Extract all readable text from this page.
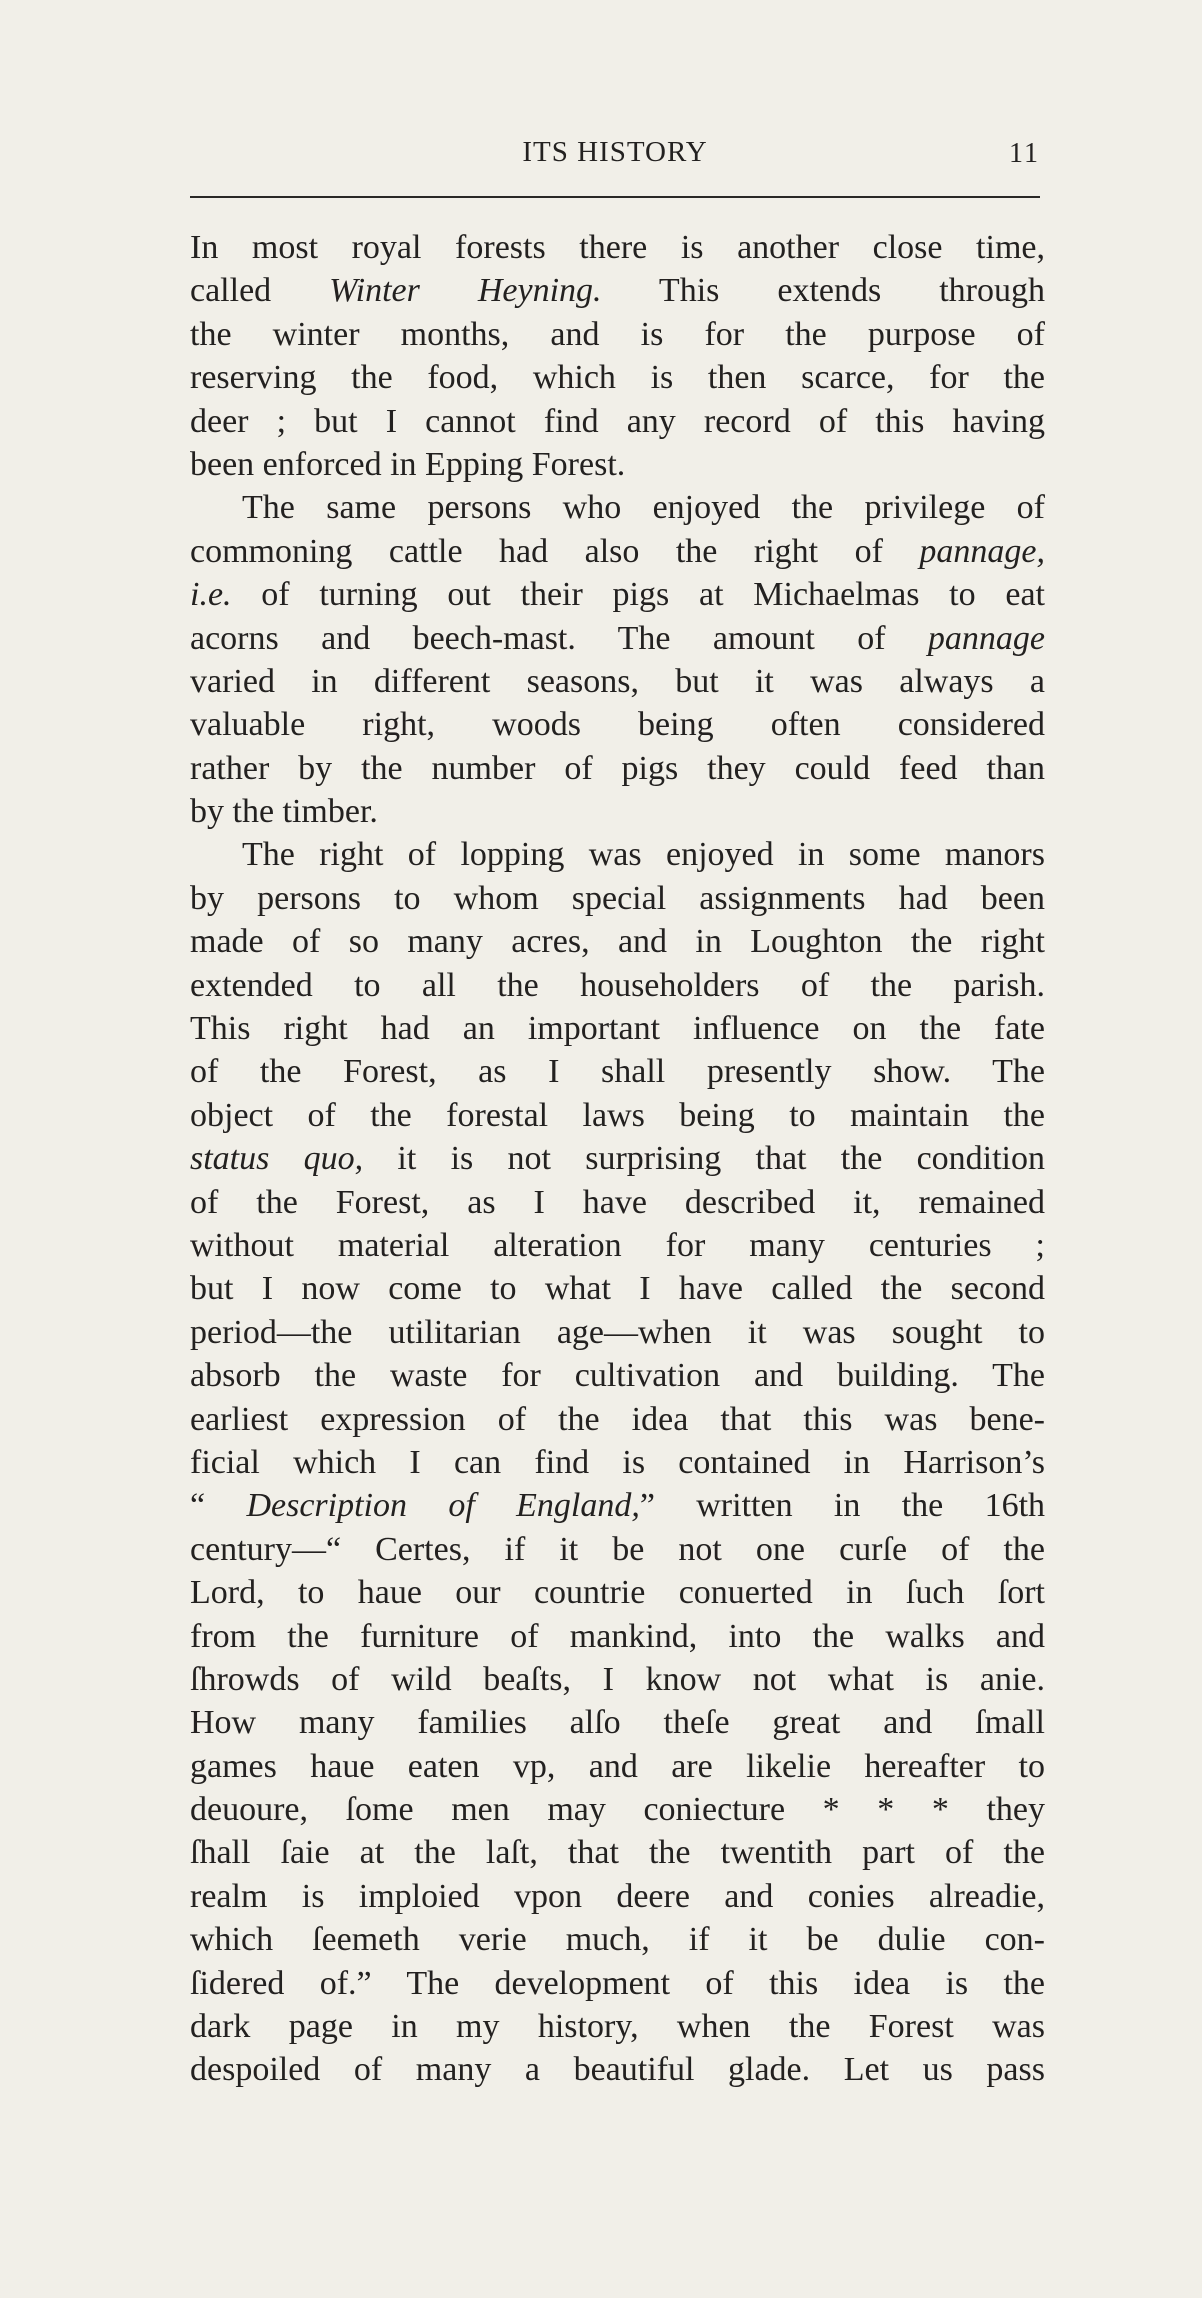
ITS HISTORY	11
In most royal forests there is another close time,
called Winter Heyning. This extends through
the winter months, and is for the purpose of
reserving the food, which is then scarce, for the
deer ; but I cannot find any record of this having
been enforced in Epping Forest.
The same persons who enjoyed the privilege of
commoning cattle had also the right of pannage,
i.e. of turning out their pigs at Michaelmas to eat
acorns and beech-mast. The amount of pannage
varied in different seasons, but it was always a
valuable right, woods being often considered
rather by the number of pigs they could feed than
by the timber.
The right of lopping was enjoyed in some manors
by persons to whom special assignments had been
made of so many acres, and in Loughton the right
extended to all the householders of the parish.
This right had an important influence on the fate
of the Forest, as I shall presently show. The
object of the forestal laws being to maintain the
status quo, it is not surprising that the condition
of the Forest, as I have described it, remained
without material alteration for many centuries ;
but I now come to what I have called the second
period—the utilitarian age—when it was sought to
absorb the waste for cultivation and building. The
earliest expression of the idea that this was bene-
ficial which I can find is contained in Harrison’s
“ Description of England,” written in the 16th
century—“ Certes, if it be not one curſe of the
Lord, to haue our countrie conuerted in ſuch ſort
from the furniture of mankind, into the walks and
ſhrowds of wild beaſts, I know not what is anie.
How many families alſo theſe great and ſmall
games haue eaten vp, and are likelie hereafter to
deuoure, ſome men may coniecture * * * they
ſhall ſaie at the laſt, that the twentith part of the
realm is imploied vpon deere and conies alreadie,
which ſeemeth verie much, if it be dulie con-
ſidered of.” The development of this idea is the
dark page in my history, when the Forest was
despoiled of many a beautiful glade. Let us pass
